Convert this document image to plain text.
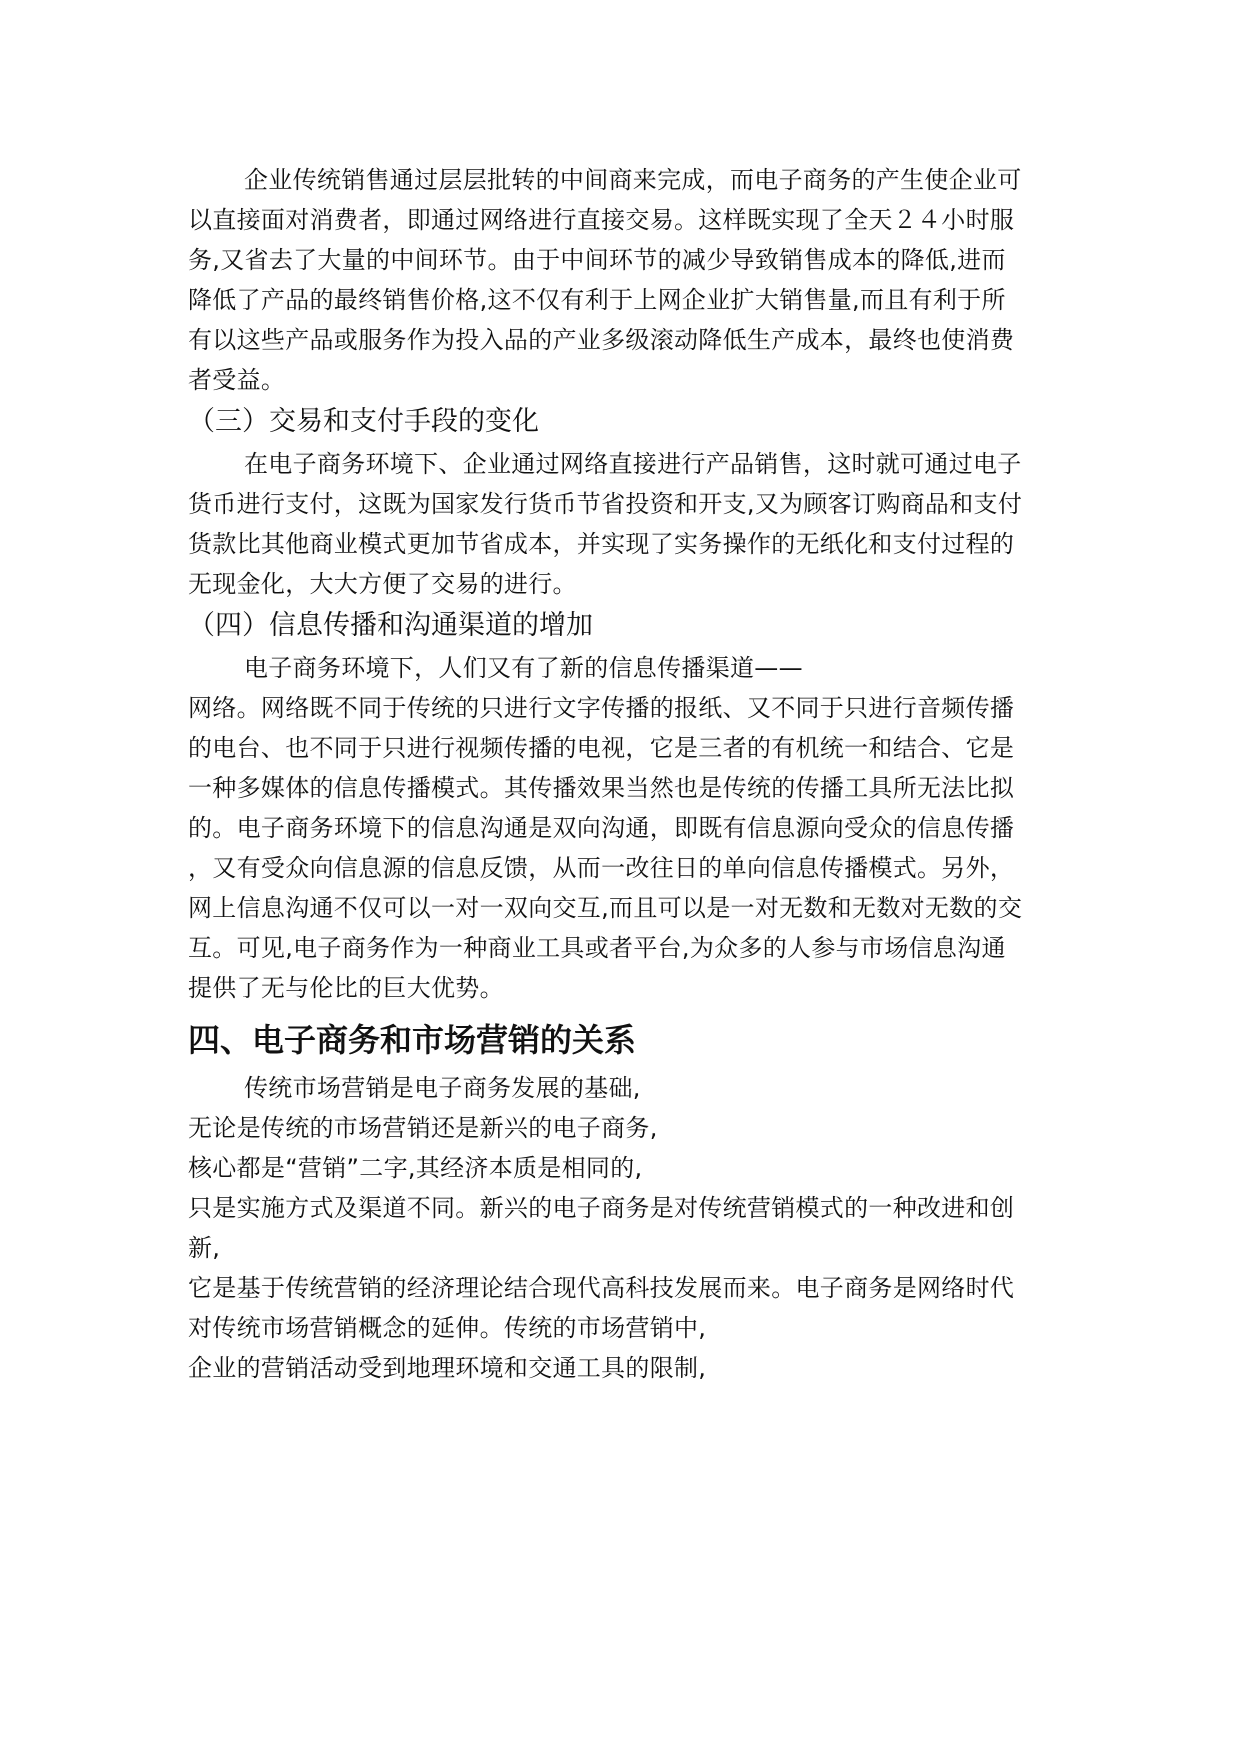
企业传统销售通过层层批转的中间商来完成，而电子商务的产生使企业可
以直接面对消费者，即通过网络进行直接交易。这样既实现了全天２４小时服
务,又省去了大量的中间环节。由于中间环节的减少导致销售成本的降低,进而
降低了产品的最终销售价格,这不仅有利于上网企业扩大销售量,而且有利于所
有以这些产品或服务作为投入品的产业多级滚动降低生产成本，最终也使消费
者受益。
（三）交易和支付手段的变化
在电子商务环境下、企业通过网络直接进行产品销售，这时就可通过电子
货币进行支付，这既为国家发行货币节省投资和开支,又为顾客订购商品和支付
货款比其他商业模式更加节省成本，并实现了实务操作的无纸化和支付过程的
无现金化，大大方便了交易的进行。
（四）信息传播和沟通渠道的增加
电子商务环境下，人们又有了新的信息传播渠道——
网络。网络既不同于传统的只进行文字传播的报纸、又不同于只进行音频传播
的电台、也不同于只进行视频传播的电视，它是三者的有机统一和结合、它是
一种多媒体的信息传播模式。其传播效果当然也是传统的传播工具所无法比拟
的。电子商务环境下的信息沟通是双向沟通，即既有信息源向受众的信息传播
，又有受众向信息源的信息反馈，从而一改往日的单向信息传播模式。另外，
网上信息沟通不仅可以一对一双向交互,而且可以是一对无数和无数对无数的交
互。可见,电子商务作为一种商业工具或者平台,为众多的人参与市场信息沟通
提供了无与伦比的巨大优势。
四、电子商务和市场营销的关系
传统市场营销是电子商务发展的基础,
无论是传统的市场营销还是新兴的电子商务,
核心都是“营销”二字,其经济本质是相同的,
只是实施方式及渠道不同。新兴的电子商务是对传统营销模式的一种改进和创
新,
它是基于传统营销的经济理论结合现代高科技发展而来。电子商务是网络时代
对传统市场营销概念的延伸。传统的市场营销中,
企业的营销活动受到地理环境和交通工具的限制,
